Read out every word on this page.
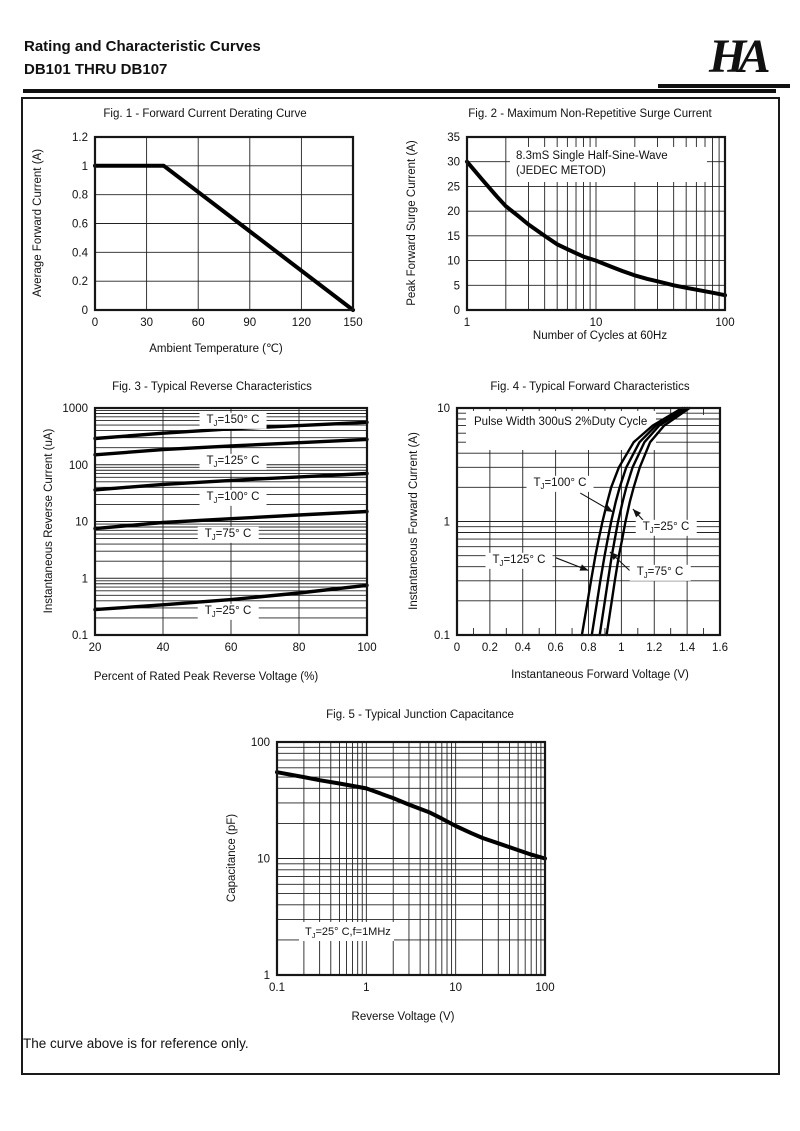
Rating and Characteristic Curves
DB101 THRU DB107	HA
0	30	60	90	120	150
0
0.2
0.4
0.6
0.8
1
1.2
1	10	100
0
5
10
15
20
25
30
35
20	40	60	80	100
0.1
1
10
100
1000
0 0.2 0.4 0.6 0.8 1 1.2 1.4 1.6
0.1
1
10
0.1	1	10	100
1
10
100
Fig. 1 - Forward Current Derating Curve	Fig. 2 - Maximum Non-Repetitive Surge Current
Fig. 3 - Typical Reverse Characteristics	Fig. 4 - Typical Forward Characteristics
Fig. 5 - Typical Junction Capacitance
Ambient Temperature (℃)
Number of Cycles at 60Hz
Percent of Rated Peak Reverse Voltage (%)	Instantaneous Forward Voltage (V)
Reverse Voltage (V)
Average Forward Current (A)	Peak Forward Surge Current (A)
Instantaneous Reverse Current (uA)	Instantaneous Forward Current (A)
Capacitance (pF)
8.3mS Single Half-Sine-Wave
(JEDEC METOD)
Pulse Width 300uS 2%Duty Cycle
$T_J=25^\circ$ C,f=1MHz
$T_J=150^\circ$ C
$T_J=125^\circ$ C
$T_J=100^\circ$ C
$T_J=75^\circ$ C
$T_J=25^\circ$ C
$T_J=100^\circ$ C
$T_J=25^\circ$ C
$T_J=75^\circ$ C
$T_J=125^\circ$ C
The curve above is for reference only.
